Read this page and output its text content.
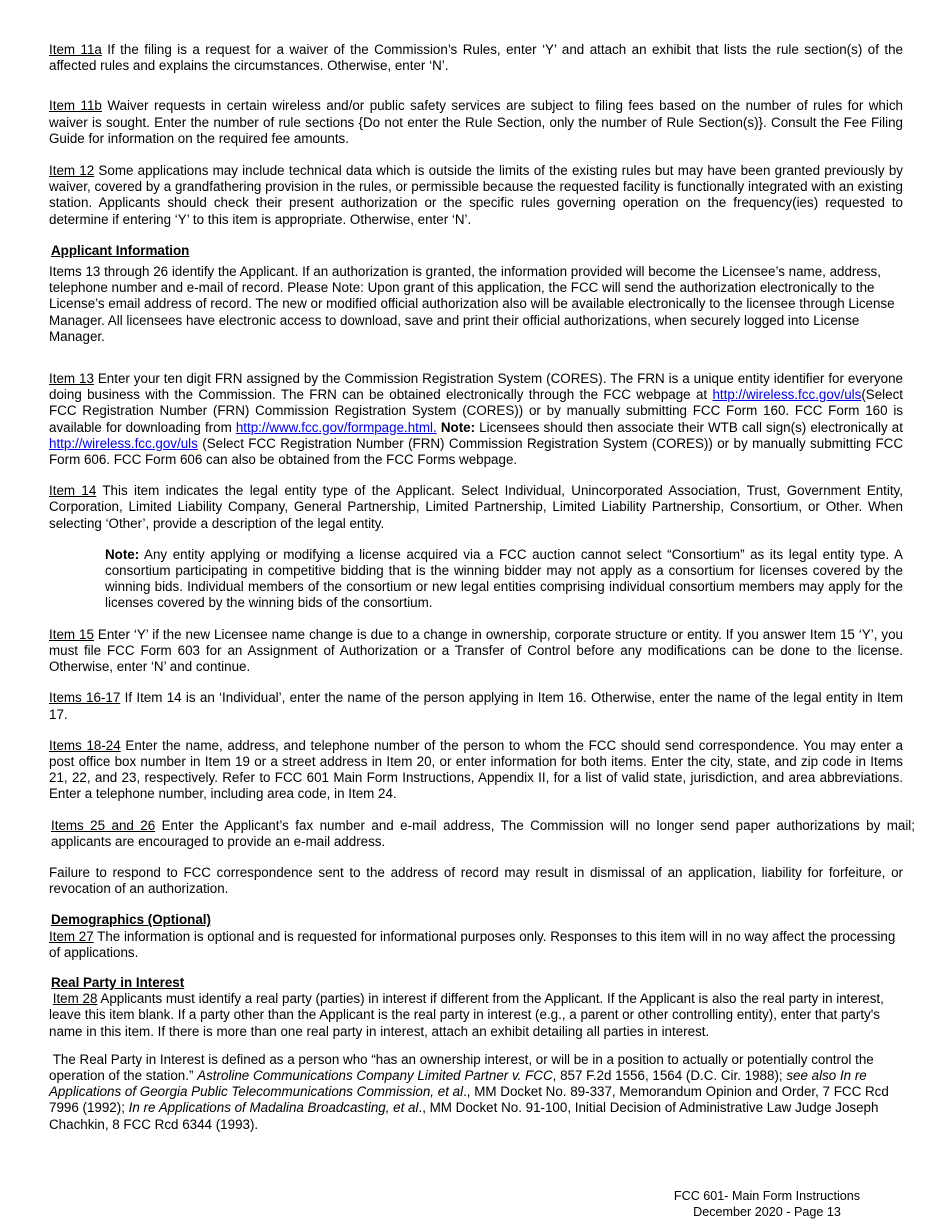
Item 11a If the filing is a request for a waiver of the Commission’s Rules, enter ‘Y’ and attach an exhibit that lists the rule section(s) of the affected rules and explains the circumstances. Otherwise, enter ‘N’.

Item 11b Waiver requests in certain wireless and/or public safety services are subject to filing fees based on the number of rules for which waiver is sought. Enter the number of rule sections {Do not enter the Rule Section, only the number of Rule Section(s)}. Consult the Fee Filing Guide for information on the required fee amounts.

Item 12 Some applications may include technical data which is outside the limits of the existing rules but may have been granted previously by waiver, covered by a grandfathering provision in the rules, or permissible because the requested facility is functionally integrated with an existing station. Applicants should check their present authorization or the specific rules governing operation on the frequency(ies) requested to determine if entering ‘Y’ to this item is appropriate. Otherwise, enter ‘N’.

Applicant Information

Items 13 through 26 identify the Applicant. If an authorization is granted, the information provided will become the Licensee’s name, address, telephone number and e-mail of record. Please Note: Upon grant of this application, the FCC will send the authorization electronically to the License’s email address of record. The new or modified official authorization also will be available electronically to the licensee through License Manager. All licensees have electronic access to download, save and print their official authorizations, when securely logged into License Manager.

Item 13 Enter your ten digit FRN assigned by the Commission Registration System (CORES). The FRN is a unique entity identifier for everyone doing business with the Commission. The FRN can be obtained electronically through the FCC webpage at http://wireless.fcc.gov/uls(Select FCC Registration Number (FRN) Commission Registration System (CORES)) or by manually submitting FCC Form 160. FCC Form 160 is available for downloading from http://www.fcc.gov/formpage.html. Note: Licensees should then associate their WTB call sign(s) electronically at http://wireless.fcc.gov/uls (Select FCC Registration Number (FRN) Commission Registration System (CORES)) or by manually submitting FCC Form 606. FCC Form 606 can also be obtained from the FCC Forms webpage.

Item 14 This item indicates the legal entity type of the Applicant. Select Individual, Unincorporated Association, Trust, Government Entity, Corporation, Limited Liability Company, General Partnership, Limited Partnership, Limited Liability Partnership, Consortium, or Other. When selecting ‘Other’, provide a description of the legal entity.

Note: Any entity applying or modifying a license acquired via a FCC auction cannot select “Consortium” as its legal entity type. A consortium participating in competitive bidding that is the winning bidder may not apply as a consortium for licenses covered by the winning bids. Individual members of the consortium or new legal entities comprising individual consortium members may apply for the licenses covered by the winning bids of the consortium.

Item 15 Enter ‘Y’ if the new Licensee name change is due to a change in ownership, corporate structure or entity. If you answer Item 15 ‘Y’, you must file FCC Form 603 for an Assignment of Authorization or a Transfer of Control before any modifications can be done to the license. Otherwise, enter ‘N’ and continue.

Items 16-17 If Item 14 is an ‘Individual’, enter the name of the person applying in Item 16. Otherwise, enter the name of the legal entity in Item 17.

Items 18-24 Enter the name, address, and telephone number of the person to whom the FCC should send correspondence. You may enter a post office box number in Item 19 or a street address in Item 20, or enter information for both items. Enter the city, state, and zip code in Items 21, 22, and 23, respectively. Refer to FCC 601 Main Form Instructions, Appendix II, for a list of valid state, jurisdiction, and area abbreviations. Enter a telephone number, including area code, in Item 24.

Items 25 and 26 Enter the Applicant’s fax number and e-mail address, The Commission will no longer send paper authorizations by mail; applicants are encouraged to provide an e-mail address.

Failure to respond to FCC correspondence sent to the address of record may result in dismissal of an application, liability for forfeiture, or revocation of an authorization.

Demographics (Optional)

Item 27 The information is optional and is requested for informational purposes only. Responses to this item will in no way affect the processing of applications.

Real Party in Interest

Item 28 Applicants must identify a real party (parties) in interest if different from the Applicant. If the Applicant is also the real party in interest, leave this item blank. If a party other than the Applicant is the real party in interest (e.g., a parent or other controlling entity), enter that party's name in this item. If there is more than one real party in interest, attach an exhibit detailing all parties in interest.

The Real Party in Interest is defined as a person who “has an ownership interest, or will be in a position to actually or potentially control the operation of the station.” Astroline Communications Company Limited Partner v. FCC, 857 F.2d 1556, 1564 (D.C. Cir. 1988); see also In re Applications of Georgia Public Telecommunications Commission, et al., MM Docket No. 89-337, Memorandum Opinion and Order, 7 FCC Rcd 7996 (1992); In re Applications of Madalina Broadcasting, et al., MM Docket No. 91-100, Initial Decision of Administrative Law Judge Joseph Chachkin, 8 FCC Rcd 6344 (1993).

FCC 601- Main Form Instructions
December 2020 - Page 13
